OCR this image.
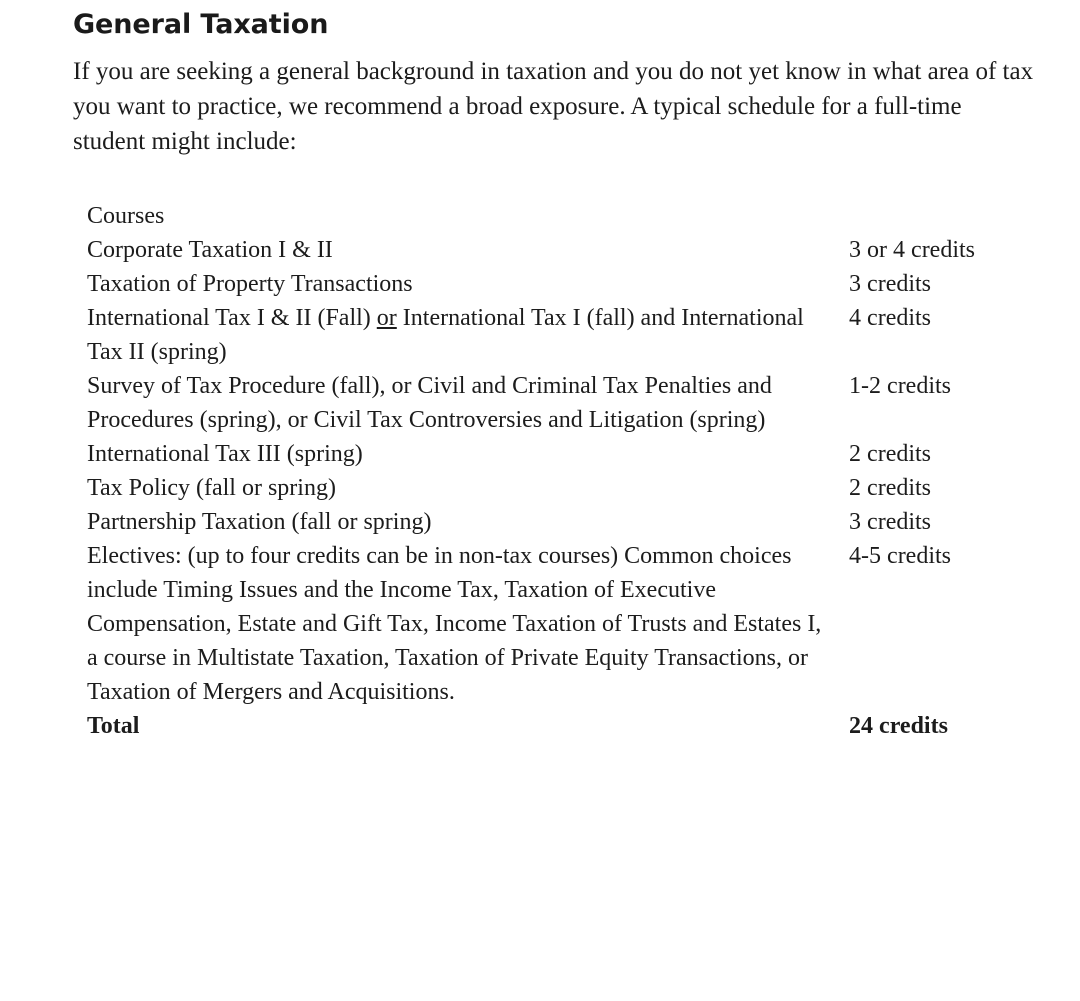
General Taxation

If you are seeking a general background in taxation and you do not yet know in what area of tax you want to practice, we recommend a broad exposure. A typical schedule for a full-time student might include:

Courses	
Corporate Taxation I & II	3 or 4 credits
Taxation of Property Transactions	3 credits
International Tax I & II (Fall) or International Tax I (fall) and International Tax II (spring)	4 credits
Survey of Tax Procedure (fall), or Civil and Criminal Tax Penalties and Procedures (spring), or Civil Tax Controversies and Litigation (spring)	1-2 credits
International Tax III (spring)	2 credits
Tax Policy (fall or spring)	2 credits
Partnership Taxation (fall or spring)	3 credits
Electives: (up to four credits can be in non-tax courses) Common choices include Timing Issues and the Income Tax, Taxation of Executive Compensation, Estate and Gift Tax, Income Taxation of Trusts and Estates I, a course in Multistate Taxation, Taxation of Private Equity Transactions, or Taxation of Mergers and Acquisitions.	4-5 credits
Total	24 credits
